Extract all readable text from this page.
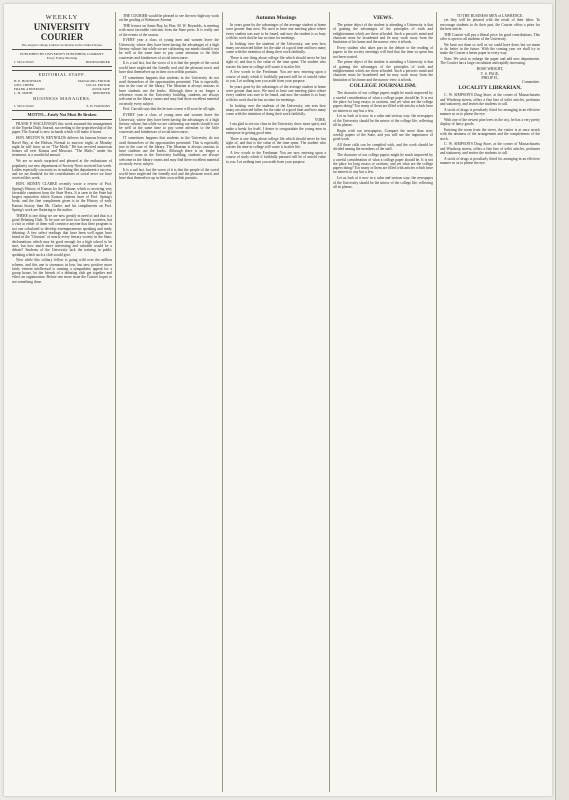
WEEKLY
UNIVERSITY COURIER
The largest College Journal circulation in the United States.
PUBLISHED BY UNIVERSITY PUBLISHING COMPANY
Every Friday Morning
J. SULLIVAN	BOOKWORKER
EDITORIAL STAFF.
H. E. HOUSEMAN	MANAGING EDITOR
GEO. CHEEK	LOCAL EDITOR
FRANK ANDERSON	ASSOCIATE
L. H. SMITH	REPORTER
BUSINESS MANAGERS.
J. SULLIVAN	E. B. HAWKINS
MOTTO—Fairly Not Must Be Broken

FRANK P. MACLENNAN this week assumed the management of the Topeka Daily Journal, succeeding to the proprietorship of the paper. The Journal is now in hands which will make it boom.

HON. MILTON W. REYNOLDS delivers his famous lecture on Ravel Bay, at the Bedsou Normal to morrow night, at Monday night he will favor us on "The Mails." He has received numerous honors all over Kansas and Missouri. "The Mails," under his treatment, is a wonderful annual.

We are so much surprised and pleased at the enthusiasm of popularity our new department of Society News received last week. Ladies especially can assist us in making this department a success, and we are thankful for the contributions of social news we have received this week.

HON. SIDNEY CLARKE recently wrote a review of Prof. Spring's History of Kansas for the Tribune, which is receiving very favorable comment from the State Press. It is seen in the State but largest reputation which Kansas citizens have of Prof. Spring's book; and the fine compliment given is in the History of early Kansas history than Mr. Clarke, and his compliments on Prof. Spring's work are flattering to the author.

THERE is one thing we are now greatly in need of and that is a good Debating Club. To be sure we have two literary societies, but a visit to either of them will convince anyone that their program is not one calculated to develop extemporaneous speaking and ready debating. A few select readings that have been well again have heard in the "Oronian" of nearly every literary society in the State, declamations which may be good enough for a high school to be sure, but how much more interesting and valuable would be a debate? Students of the University lack the training in public speaking which such a club would give.

Now while this solitary fellow is going wild over the million scheme, and this one is strenuous in lose, but now positive more fairly venient intellectual is running a sympathetic appeal for a group house, let the friends of a debating club get together and effect an organization. Before one more issue the Courier hopes to see something done.

THE COURIER would be pleased to see the new highway work on the grading of Robinson Avenue.

THE lecture on Santo Bay, by Hon. M. W. Reynolds, is meeting with most favorable criticism from the State press. It is really one of the events of the season.

EVERY year a class of young men and women leave the University, where they have been having the advantages of a high literary culture, but while we are cultivating our minds should it not be well at the same time to pay some attention to the little courtesies and kindnesses of social intercourse.

It is a sad fact, but the worst of it is that the people of the social world have neglected the friendly nod and the pleasant word, and have shut themselves up in their own selfish pursuits.

IT sometimes happens that students in the University do not avail themselves of the opportunities presented. This is especially true in the case of the library. The librarian is always anxious to have students use the books. Although there is no longer a reference room in the University building, students are always welcome in the library rooms and may find there excellent material on nearly every subject.

Prof. Carruth says that the lecture course will soon be all right.

EVERY year a class of young men and women leave the University, where they have been having the advantages of a high literary culture, but while we are cultivating our minds should it not be well at the same time to pay some attention to the little courtesies and kindnesses of social intercourse.

IT sometimes happens that students in the University do not avail themselves of the opportunities presented. This is especially true in the case of the library. The librarian is always anxious to have students use the books. Although there is no longer a reference room in the University building, students are always welcome in the library rooms and may find there excellent material on nearly every subject.

It is a sad fact, but the worst of it is that the people of the social world have neglected the friendly nod and the pleasant word, and have shut themselves up in their own selfish pursuits.

Autumn Musings

In years gone by the advantages of the average student at home were greater than now. We used to have one meeting place where every student was sure to be found, and now the student is so busy with his work that he has no time for meetings.

In looking over the students of the University, one sees how many are attracted hither for the sake of a good time and how many come with the intention of doing their work faithfully.

There is one thing about college life which should never be lost sight of, and that is the value of the time spent. The student who wastes his time in college will waste it in after life.

A few words to the Freshman: You are now entering upon a course of study which if faithfully pursued will be of untold value to you. Let nothing turn you aside from your purpose.

In years gone by the advantages of the average student at home were greater than now. We used to have one meeting place where every student was sure to be found, and now the student is so busy with his work that he has no time for meetings.

In looking over the students of the University, one sees how many are attracted hither for the sake of a good time and how many come with the intention of doing their work faithfully.

YORE.

I am glad to see our class in the University show more spirit, and make a break for itself. I desire to congratulate the young men in enterprise in getting good men.

There is one thing about college life which should never be lost sight of, and that is the value of the time spent. The student who wastes his time in college will waste it in after life.

A few words to the Freshman: You are now entering upon a course of study which if faithfully pursued will be of untold value to you. Let nothing turn you aside from your purpose.

VIEWS.

The prime object of the student is attending a University is that of gaining the advantages of the principles of truth and enlightenment which are there afforded. Such a person's mind and character must be broadened and he may work away from the limitation of his home and the narrow view it affords.

Every student who takes part in the debate or the reading of papers in the society meetings will find that the time so spent has not been wasted.

The prime object of the student is attending a University is that of gaining the advantages of the principles of truth and enlightenment which are there afforded. Such a person's mind and character must be broadened and he may work away from the limitation of his home and the narrow view it affords.

COLLEGE JOURNALISM.

The character of our college papers might be much improved by a careful consideration of what a college paper should be. It is not the place for long essays or orations, and yet what are the college papers doing? Too many of them are filled with articles which have no interest to any but a few.

Let us look at it now in a calm and serious way: the newspaper of the University should be the mirror of the college life, reflecting all its phases.

Begin with our newspapers. Compare the more than sixty weekly papers of the State, and you will see the importance of good work.

All these calls can be complied with, and the work should be divided among the members of the staff.

The character of our college papers might be much improved by a careful consideration of what a college paper should be. It is not the place for long essays or orations, and yet what are the college papers doing? Too many of them are filled with articles which have no interest to any but a few.

Let us look at it now in a calm and serious way: the newspaper of the University should be the mirror of the college life, reflecting all its phases.

TO THE BUSINESS MEN of LAWRENCE.

yet they will be pleased with the result of their labor. To encourage students to do their part, the Courier offers a prize for the best article.

THE Courier will pay a liberal price for good contributions. This offer is open to all students of the University.

We have not done so well as we could have done, but we mean to do better in the future. With the coming year we shall try to make the Courier a better paper in every way.

Note: We wish to enlarge the paper and add new departments. The Courier has a large circulation and rapidly increasing.

ROSE WRIGHT,
T. S. PAGE,
PHILIP H.,
Committee.
LOCALITY LIBRARIAN.

C. W. SIMPSON'S Drug Store, at the corner of Massachusetts and Winthrop streets, offers a fine line of toilet articles, perfumes and stationery, and invites the students to call.

A stock of drugs is peculiarly fitted for arranging in an effective manner so as to please the eye.

With one of the newest pine trees in the city, he has a very pretty display of fancy goods.

Entering the room from the street, the visitor is at once struck with the neatness of the arrangement and the completeness of the stock.

C. W. SIMPSON'S Drug Store, at the corner of Massachusetts and Winthrop streets, offers a fine line of toilet articles, perfumes and stationery, and invites the students to call.

A stock of drugs is peculiarly fitted for arranging in an effective manner so as to please the eye.
